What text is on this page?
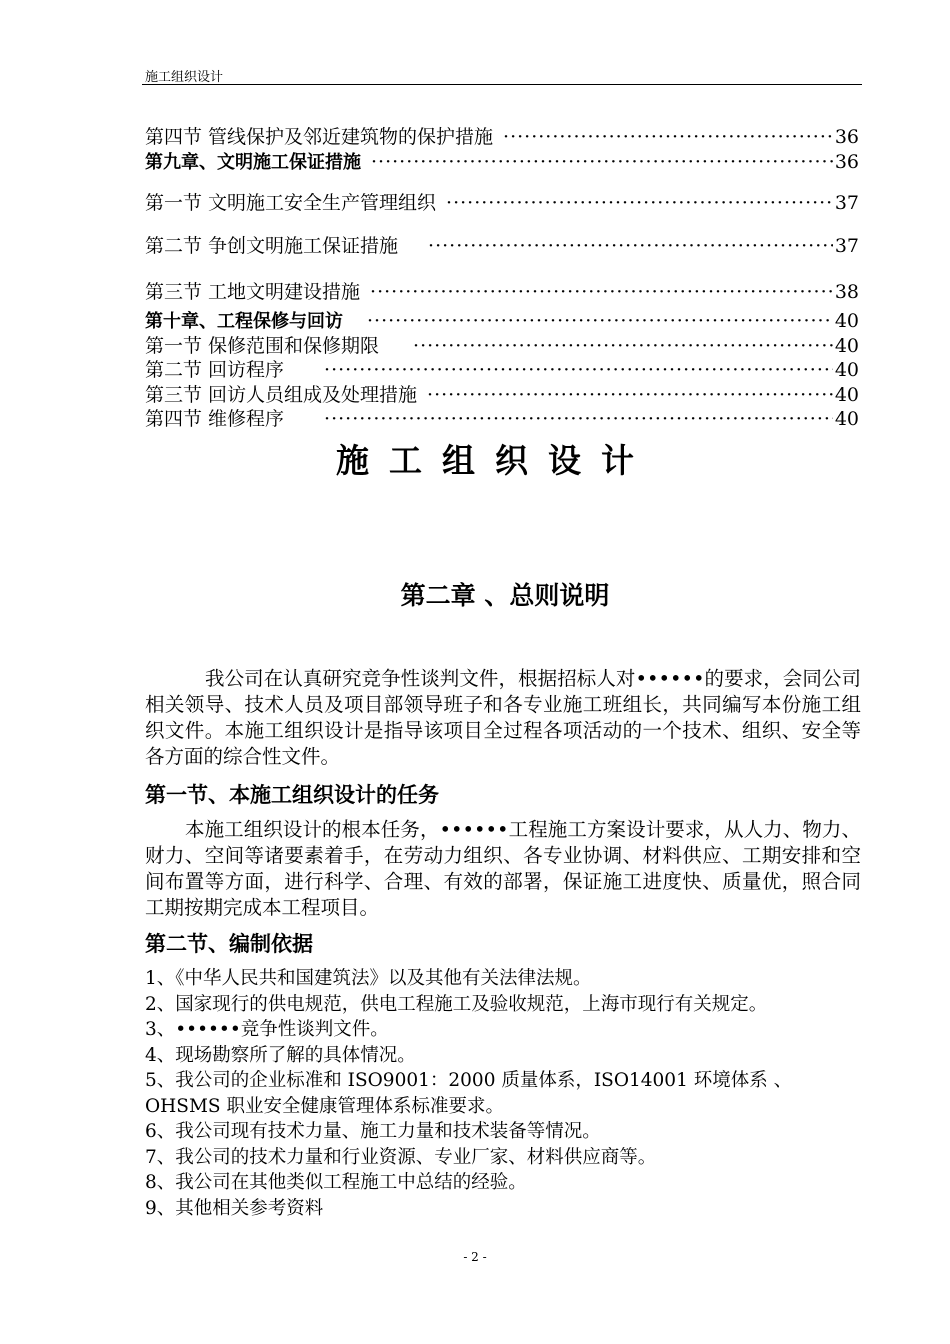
施工组织设计
第四节 管线保护及邻近建筑物的保护措施 ·····	36
第九章、文明施工保证措施 ·····	36
第一节 文明施工安全生产管理组织 ·····	37
第二节 争创文明施工保证措施 ·····	37
第三节 工地文明建设措施 ·····	38
第十章、工程保修与回访 ·····	40
第一节 保修范围和保修期限 ·····	40
第二节 回访程序 ·····	40
第三节 回访人员组成及处理措施 ·····	40
第四节 维修程序 ·····	40
施工组织设计
第二章 、总则说明
我公司在认真研究竞争性谈判文件，根据招标人对••••••的要求，会同公司相关领导、技术人员及项目部领导班子和各专业施工班组长，共同编写本份施工组织文件。本施工组织设计是指导该项目全过程各项活动的一个技术、组织、安全等各方面的综合性文件。
第一节、本施工组织设计的任务
本施工组织设计的根本任务，••••••工程施工方案设计要求，从人力、物力、财力、空间等诸要素着手，在劳动力组织、各专业协调、材料供应、工期安排和空间布置等方面，进行科学、合理、有效的部署，保证施工进度快、质量优，照合同工期按期完成本工程项目。
第二节、编制依据
1、《中华人民共和国建筑法》以及其他有关法律法规。
2、国家现行的供电规范，供电工程施工及验收规范，上海市现行有关规定。
3、••••••竞争性谈判文件。
4、现场勘察所了解的具体情况。
5、我公司的企业标准和 ISO9001：2000 质量体系，ISO14001 环境体系 、
OHSMS 职业安全健康管理体系标准要求。
6、我公司现有技术力量、施工力量和技术装备等情况。
7、我公司的技术力量和行业资源、专业厂家、材料供应商等。
8、我公司在其他类似工程施工中总结的经验。
9、其他相关参考资料
- 2 -
